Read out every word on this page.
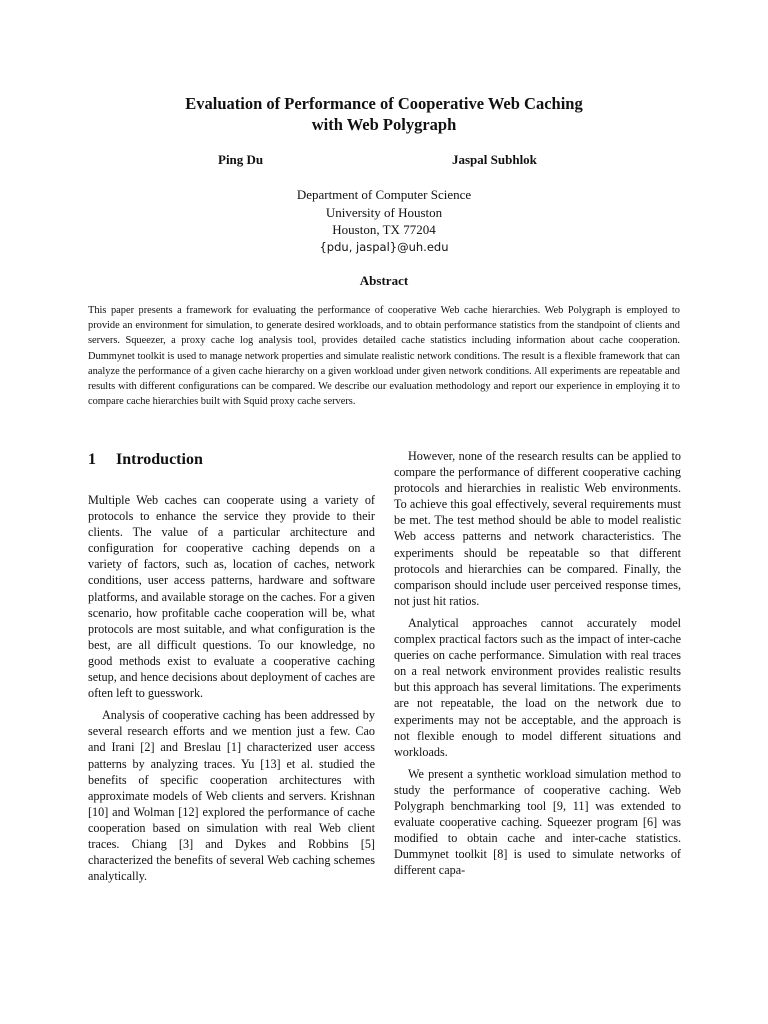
Evaluation of Performance of Cooperative Web Caching
with Web Polygraph
Ping Du	Jaspal Subhlok
Department of Computer Science
University of Houston
Houston, TX 77204
{pdu, jaspal}@uh.edu
Abstract

This paper presents a framework for evaluating the performance of cooperative Web cache hierarchies. Web Polygraph is employed to provide an environment for simulation, to generate desired workloads, and to obtain performance statistics from the standpoint of clients and servers. Squeezer, a proxy cache log analysis tool, provides detailed cache statistics including information about cache cooperation. Dummynet toolkit is used to manage network properties and simulate realistic network conditions. The result is a flexible framework that can analyze the performance of a given cache hierarchy on a given workload under given network conditions. All experiments are repeatable and results with different configurations can be compared. We describe our evaluation methodology and report our experience in employing it to compare cache hierarchies built with Squid proxy cache servers.

1 Introduction

Multiple Web caches can cooperate using a variety of protocols to enhance the service they provide to their clients. The value of a particular architecture and configuration for cooperative caching depends on a variety of factors, such as, location of caches, network conditions, user access patterns, hardware and software platforms, and available storage on the caches. For a given scenario, how profitable cache cooperation will be, what protocols are most suitable, and what configuration is the best, are all difficult questions. To our knowledge, no good methods exist to evaluate a cooperative caching setup, and hence decisions about deployment of caches are often left to guesswork.

Analysis of cooperative caching has been addressed by several research efforts and we mention just a few. Cao and Irani [2] and Breslau [1] characterized user access patterns by analyzing traces. Yu [13] et al. studied the benefits of specific cooperation architectures with approximate models of Web clients and servers. Krishnan [10] and Wolman [12] explored the performance of cache cooperation based on simulation with real Web client traces. Chiang [3] and Dykes and Robbins [5] characterized the benefits of several Web caching schemes analytically.

However, none of the research results can be applied to compare the performance of different cooperative caching protocols and hierarchies in realistic Web environments. To achieve this goal effectively, several requirements must be met. The test method should be able to model realistic Web access patterns and network characteristics. The experiments should be repeatable so that different protocols and hierarchies can be compared. Finally, the comparison should include user perceived response times, not just hit ratios.

Analytical approaches cannot accurately model complex practical factors such as the impact of inter-cache queries on cache performance. Simulation with real traces on a real network environment provides realistic results but this approach has several limitations. The experiments are not repeatable, the load on the network due to experiments may not be acceptable, and the approach is not flexible enough to model different situations and workloads.

We present a synthetic workload simulation method to study the performance of cooperative caching. Web Polygraph benchmarking tool [9, 11] was extended to evaluate cooperative caching. Squeezer program [6] was modified to obtain cache and inter-cache statistics. Dummynet toolkit [8] is used to simulate networks of different capa-
